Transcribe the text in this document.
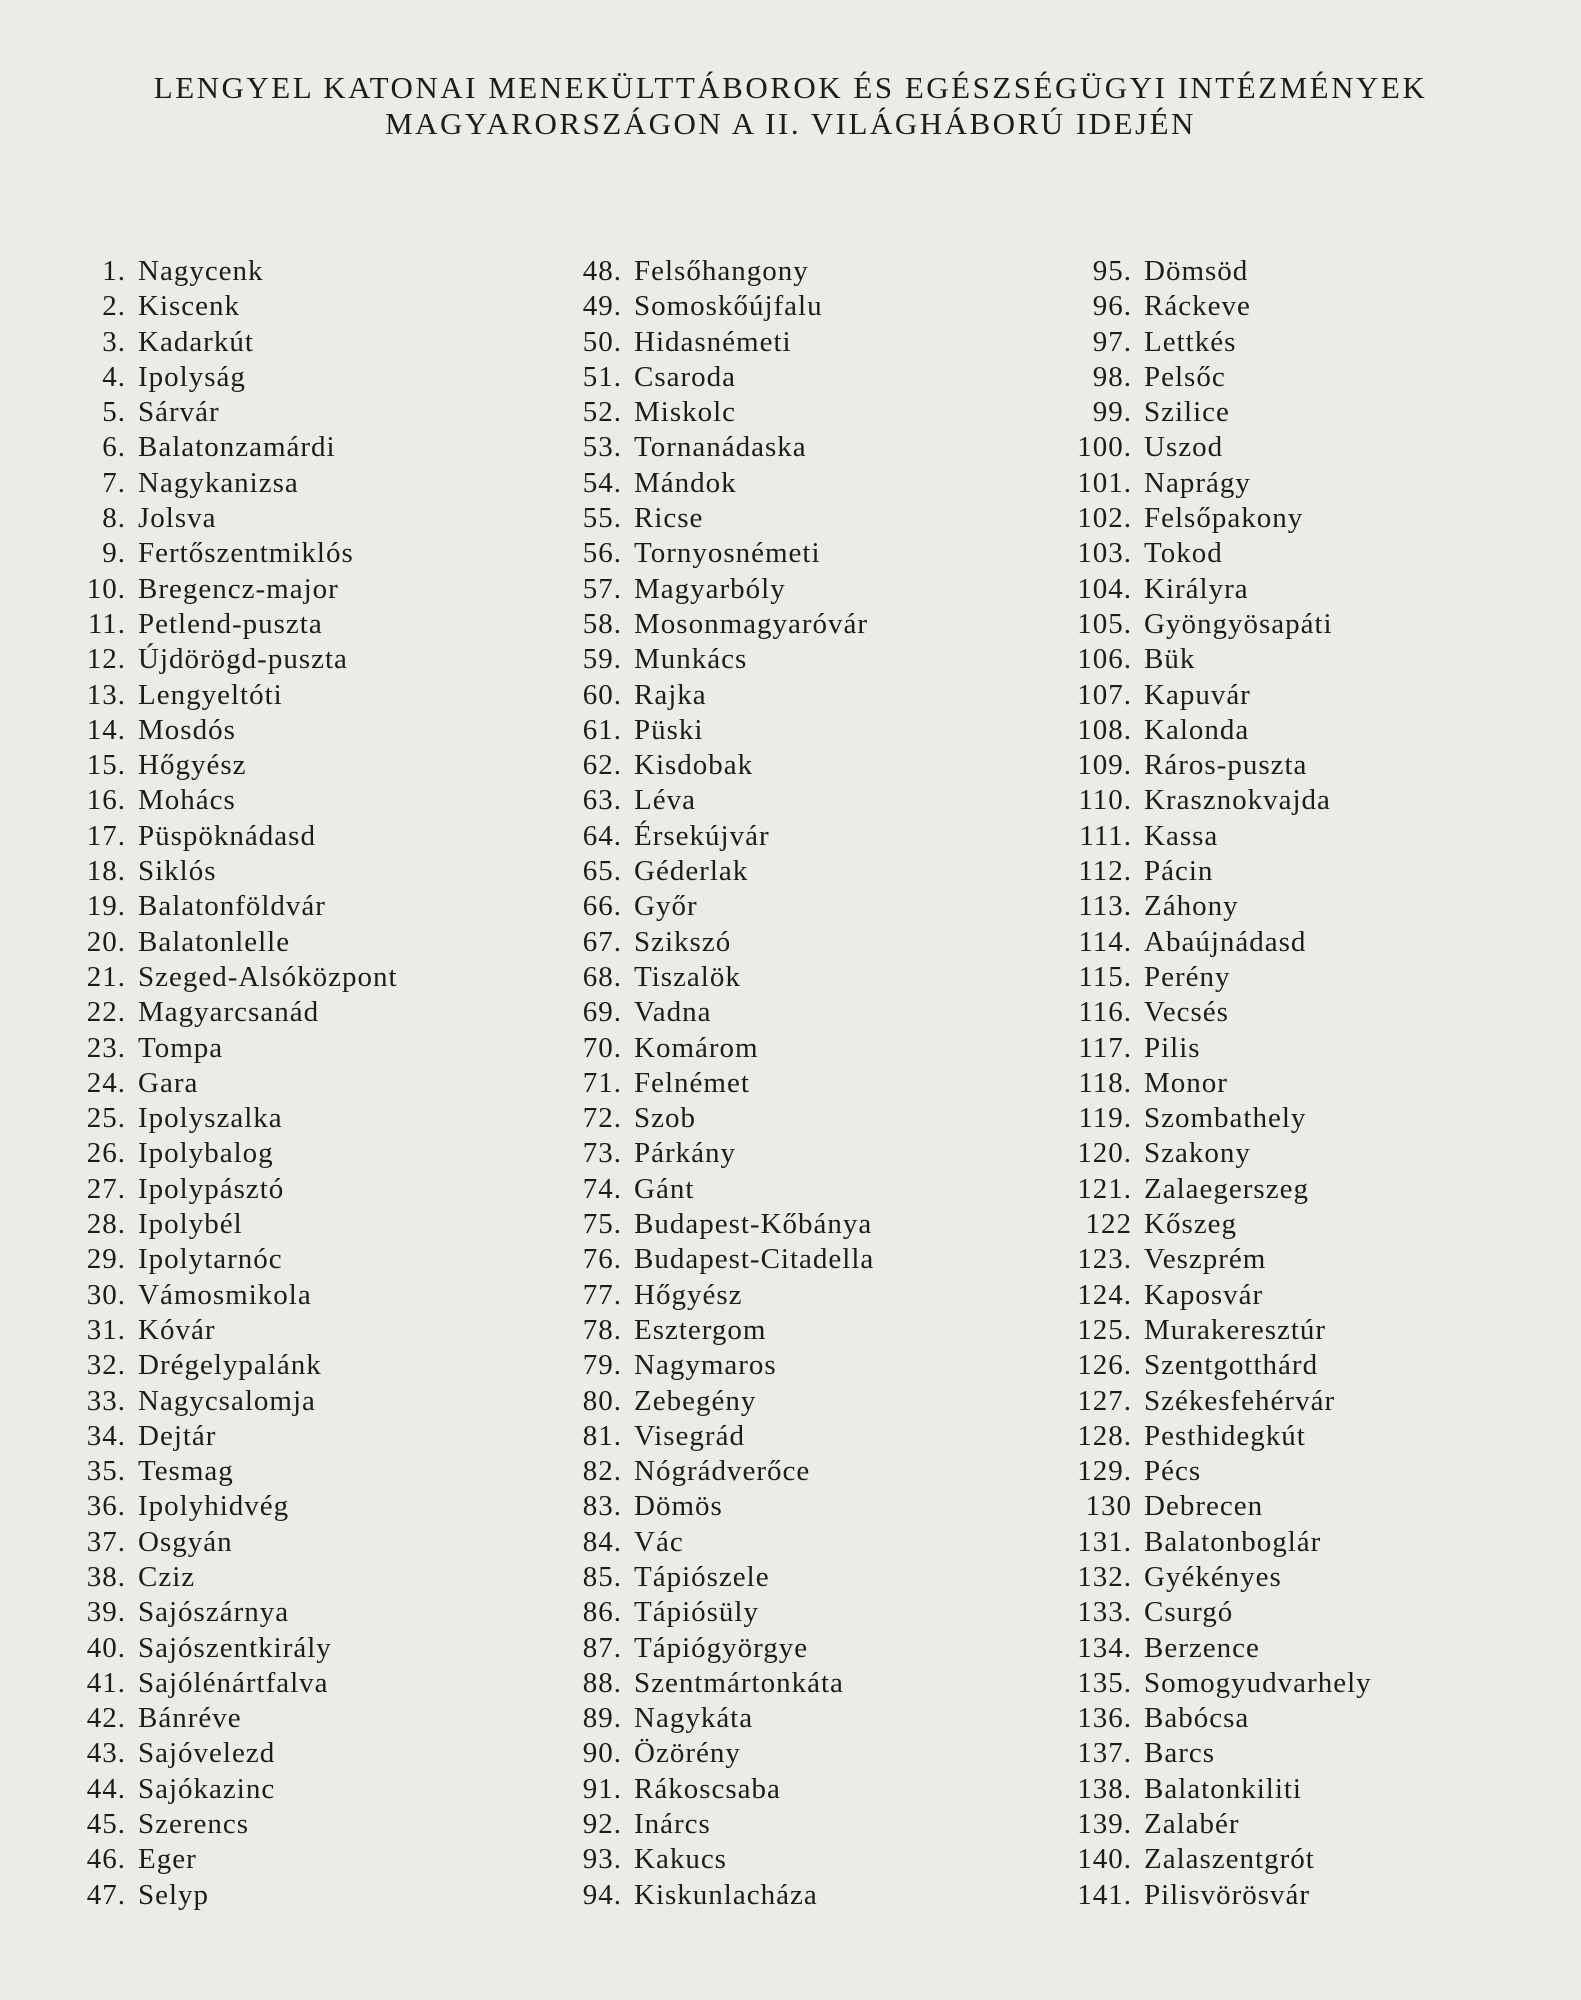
LENGYEL KATONAI MENEKÜLTTÁBOROK ÉS EGÉSZSÉGÜGYI INTÉZMÉNYEK
MAGYARORSZÁGON A II. VILÁGHÁBORÚ IDEJÉN
1. Nagycenk
2. Kiscenk
3. Kadarkút
4. Ipolyság
5. Sárvár
6. Balatonzamárdi
7. Nagykanizsa
8. Jolsva
9. Fertőszentmiklós
10. Bregencz-major
11. Petlend-puszta
12. Újdörögd-puszta
13. Lengyeltóti
14. Mosdós
15. Hőgyész
16. Mohács
17. Püspöknádasd
18. Siklós
19. Balatonföldvár
20. Balatonlelle
21. Szeged-Alsóközpont
22. Magyarcsanád
23. Tompa
24. Gara
25. Ipolyszalka
26. Ipolybalog
27. Ipolypásztó
28. Ipolybél
29. Ipolytarnóc
30. Vámosmikola
31. Kóvár
32. Drégelypalánk
33. Nagycsalomja
34. Dejtár
35. Tesmag
36. Ipolyhidvég
37. Osgyán
38. Cziz
39. Sajószárnya
40. Sajószentkirály
41. Sajólénártfalva
42. Bánréve
43. Sajóvelezd
44. Sajókazinc
45. Szerencs
46. Eger
47. Selyp
48. Felsőhangony
49. Somoskőújfalu
50. Hidasnémeti
51. Csaroda
52. Miskolc
53. Tornanádaska
54. Mándok
55. Ricse
56. Tornyosnémeti
57. Magyarbóly
58. Mosonmagyaróvár
59. Munkács
60. Rajka
61. Püski
62. Kisdobak
63. Léva
64. Érsekújvár
65. Géderlak
66. Győr
67. Szikszó
68. Tiszalök
69. Vadna
70. Komárom
71. Felnémet
72. Szob
73. Párkány
74. Gánt
75. Budapest-Kőbánya
76. Budapest-Citadella
77. Hőgyész
78. Esztergom
79. Nagymaros
80. Zebegény
81. Visegrád
82. Nógrádverőce
83. Dömös
84. Vác
85. Tápiószele
86. Tápiósüly
87. Tápiógyörgye
88. Szentmártonkáta
89. Nagykáta
90. Özörény
91. Rákoscsaba
92. Inárcs
93. Kakucs
94. Kiskunlacháza
95. Dömsöd
96. Ráckeve
97. Lettkés
98. Pelsőc
99. Szilice
100. Uszod
101. Naprágy
102. Felsőpakony
103. Tokod
104. Királyra
105. Gyöngyösapáti
106. Bük
107. Kapuvár
108. Kalonda
109. Ráros-puszta
110. Krasznokvajda
111. Kassa
112. Pácin
113. Záhony
114. Abaújnádasd
115. Perény
116. Vecsés
117. Pilis
118. Monor
119. Szombathely
120. Szakony
121. Zalaegerszeg
122 Kőszeg
123. Veszprém
124. Kaposvár
125. Murakeresztúr
126. Szentgotthárd
127. Székesfehérvár
128. Pesthidegkút
129. Pécs
130 Debrecen
131. Balatonboglár
132. Gyékényes
133. Csurgó
134. Berzence
135. Somogyudvarhely
136. Babócsa
137. Barcs
138. Balatonkiliti
139. Zalabér
140. Zalaszentgrót
141. Pilisvörösvár
